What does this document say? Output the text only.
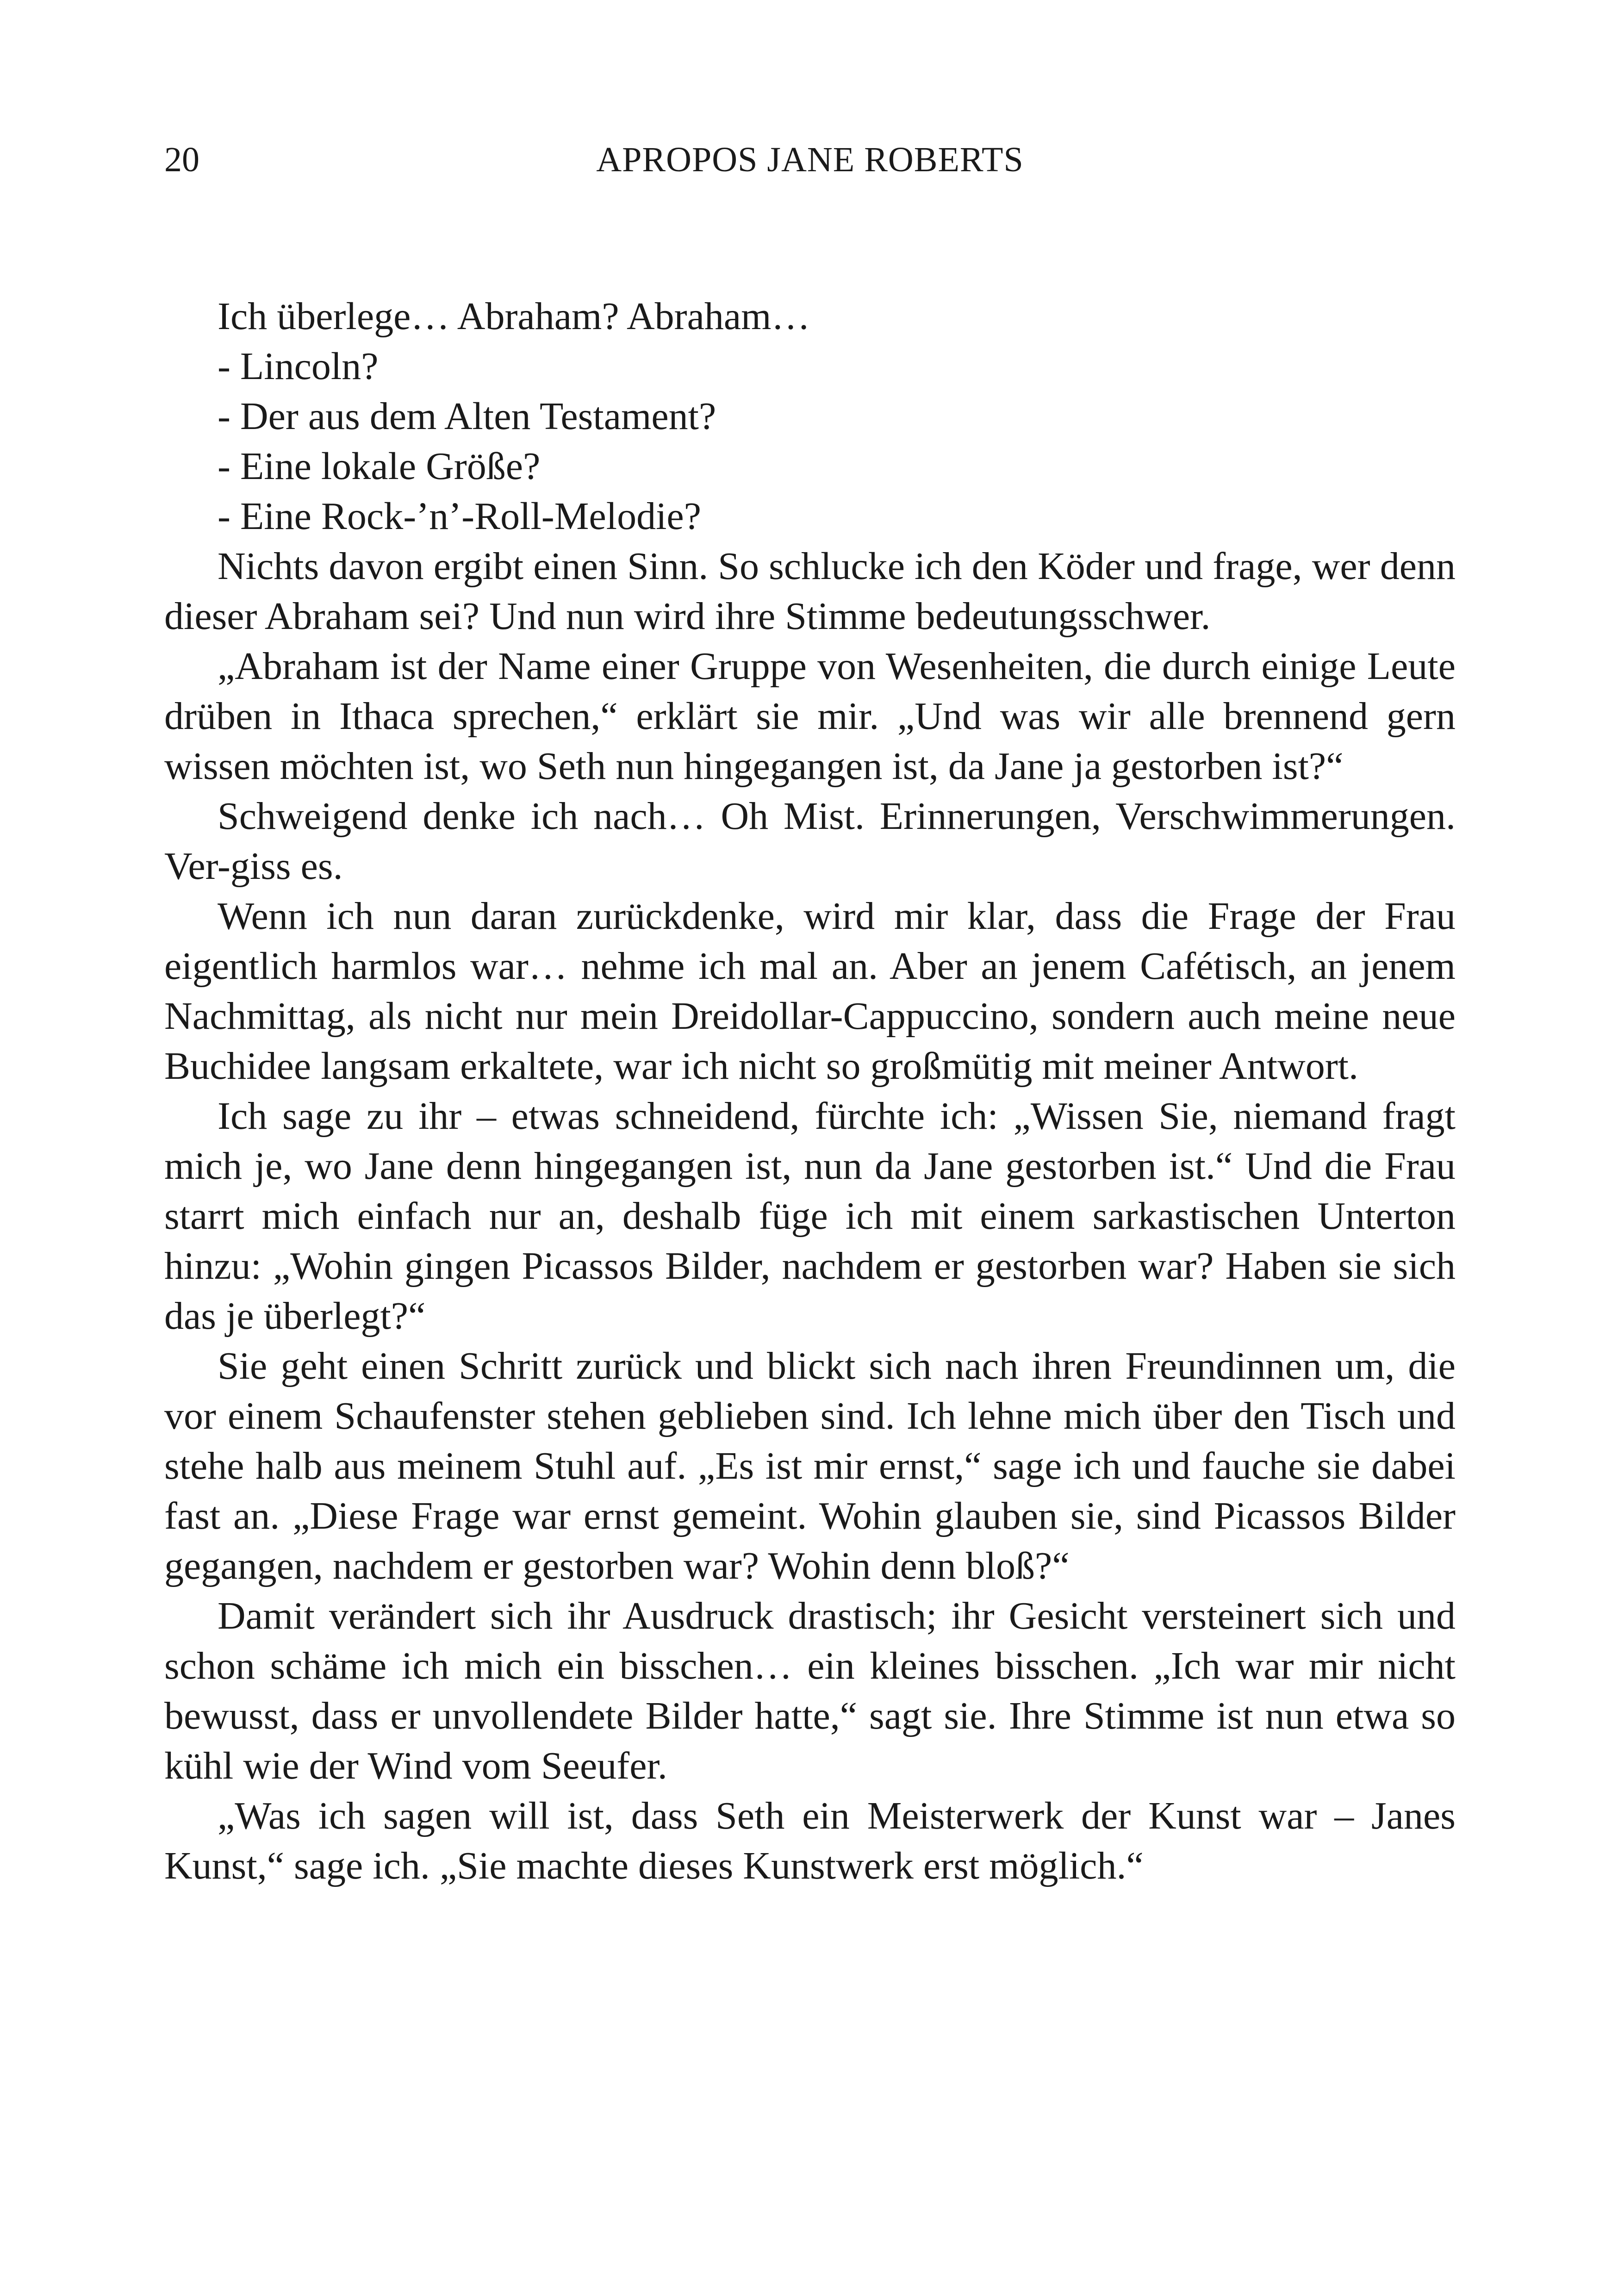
20	APROPOS JANE ROBERTS

Ich überlege… Abraham? Abraham…

- Lincoln?

- Der aus dem Alten Testament?

- Eine lokale Größe?

- Eine Rock-’n’-Roll-Melodie?

Nichts davon ergibt einen Sinn. So schlucke ich den Köder und frage, wer denn dieser Abraham sei? Und nun wird ihre Stimme bedeutungsschwer.

„Abraham ist der Name einer Gruppe von Wesenheiten, die durch einige Leute drüben in Ithaca sprechen,“ erklärt sie mir. „Und was wir alle brennend gern wissen möchten ist, wo Seth nun hingegangen ist, da Jane ja gestorben ist?“

Schweigend denke ich nach… Oh Mist. Erinnerungen, Verschwimmerungen. Ver-giss es.

Wenn ich nun daran zurückdenke, wird mir klar, dass die Frage der Frau eigentlich harmlos war… nehme ich mal an. Aber an jenem Cafétisch, an jenem Nachmittag, als nicht nur mein Dreidollar-Cappuccino, sondern auch meine neue Buchidee langsam erkaltete, war ich nicht so großmütig mit meiner Antwort.

Ich sage zu ihr – etwas schneidend, fürchte ich: „Wissen Sie, niemand fragt mich je, wo Jane denn hingegangen ist, nun da Jane gestorben ist.“ Und die Frau starrt mich einfach nur an, deshalb füge ich mit einem sarkastischen Unterton hinzu: „Wohin gingen Picassos Bilder, nachdem er gestorben war? Haben sie sich das je überlegt?“

Sie geht einen Schritt zurück und blickt sich nach ihren Freundinnen um, die vor einem Schaufenster stehen geblieben sind. Ich lehne mich über den Tisch und stehe halb aus meinem Stuhl auf. „Es ist mir ernst,“ sage ich und fauche sie dabei fast an. „Diese Frage war ernst gemeint. Wohin glauben sie, sind Picassos Bilder gegangen, nachdem er gestorben war? Wohin denn bloß?“

Damit verändert sich ihr Ausdruck drastisch; ihr Gesicht versteinert sich und schon schäme ich mich ein bisschen… ein kleines bisschen. „Ich war mir nicht bewusst, dass er unvollendete Bilder hatte,“ sagt sie. Ihre Stimme ist nun etwa so kühl wie der Wind vom Seeufer.

„Was ich sagen will ist, dass Seth ein Meisterwerk der Kunst war – Janes Kunst,“ sage ich. „Sie machte dieses Kunstwerk erst möglich.“
